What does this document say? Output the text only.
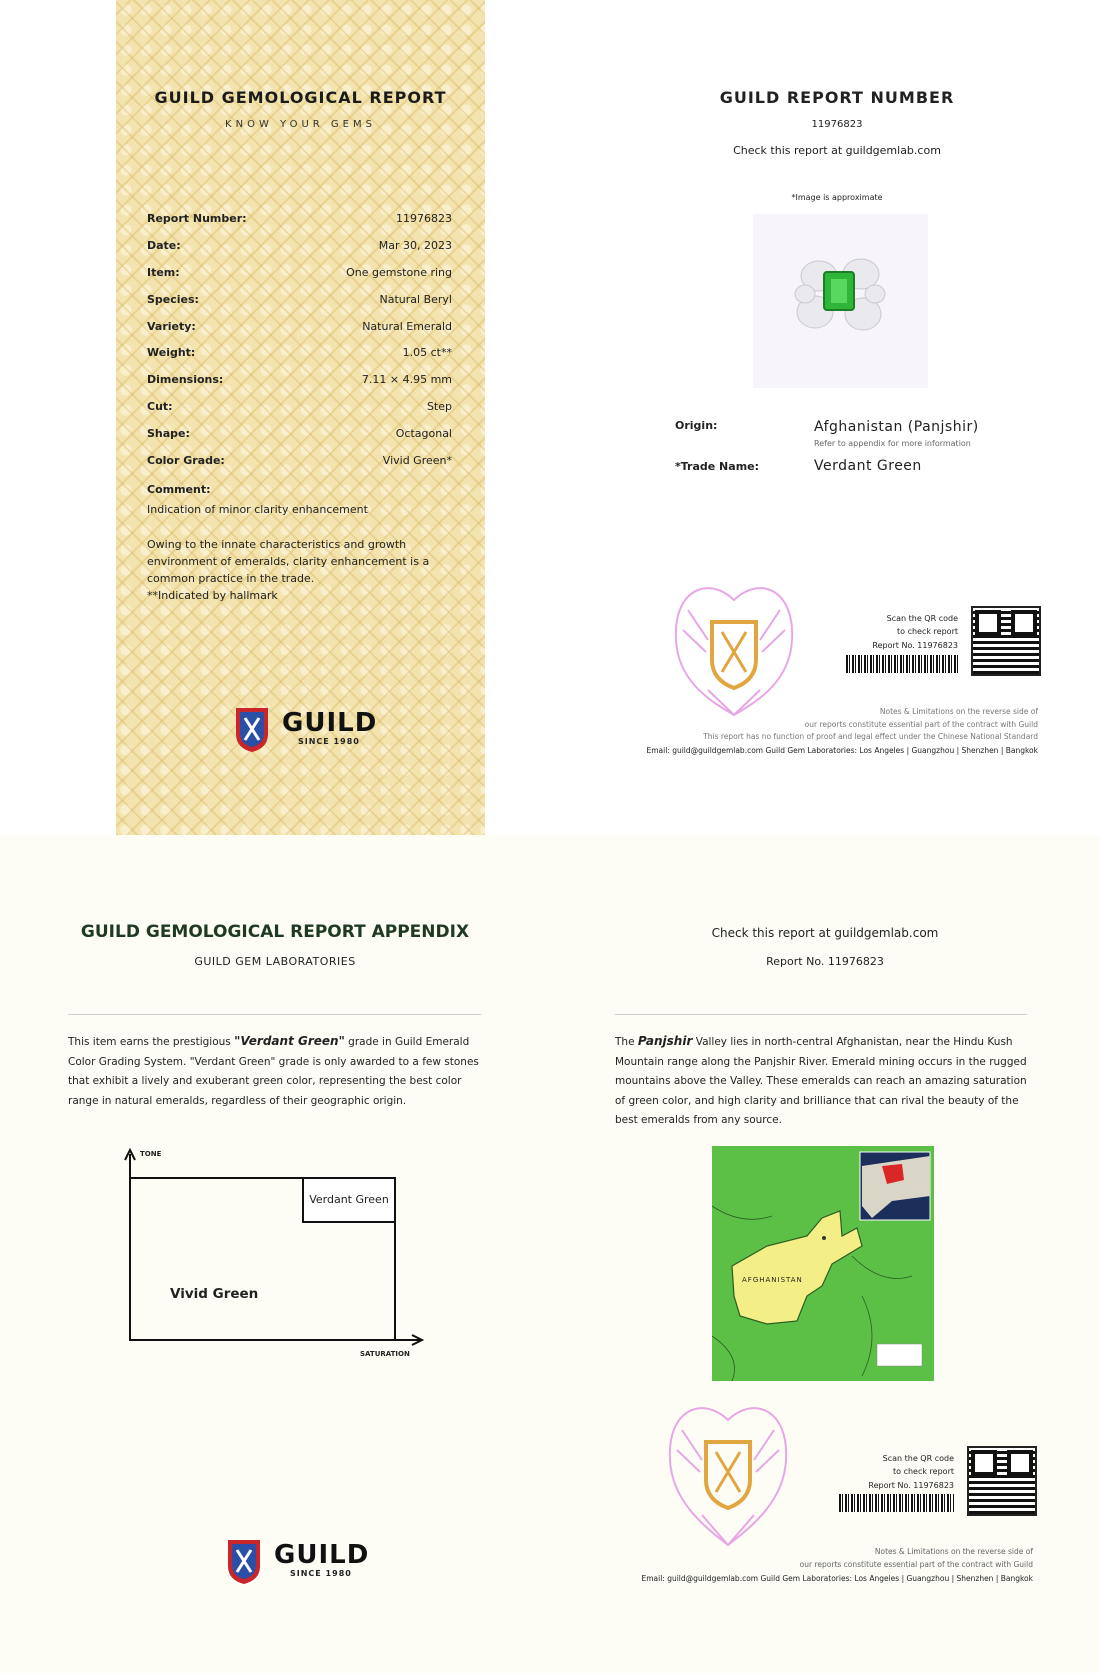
GUILD GEMOLOGICAL REPORT
KNOW YOUR GEMS
Report Number:	11976823
Date:	Mar 30, 2023
Item:	One gemstone ring
Species:	Natural Beryl
Variety:	Natural Emerald
Weight:	1.05 ct**
Dimensions:	7.11 × 4.95 mm
Cut:	Step
Shape:	Octagonal
Color Grade:	Vivid Green*
Comment:
Indication of minor clarity enhancement
Owing to the innate characteristics and growth
environment of emeralds, clarity enhancement is a
common practice in the trade.
**Indicated by hallmark
GUILD
SINCE 1980
GUILD REPORT NUMBER
11976823
Check this report at guildgemlab.com
*Image is approximate
Origin:	Afghanistan (Panjshir)
Refer to appendix for more information
*Trade Name:	Verdant Green
Scan the QR code
to check report
Report No. 11976823
Notes & Limitations on the reverse side of
our reports constitute essential part of the contract with Guild
This report has no function of proof and legal effect under the Chinese National Standard
Email: guild@guildgemlab.com Guild Gem Laboratories: Los Angeles | Guangzhou | Shenzhen | Bangkok
GUILD GEMOLOGICAL REPORT APPENDIX
GUILD GEM LABORATORIES
This item earns the prestigious "Verdant Green" grade in Guild Emerald
Color Grading System. "Verdant Green" grade is only awarded to a few stones
that exhibit a lively and exuberant green color, representing the best color
range in natural emeralds, regardless of their geographic origin.
TONE
SATURATION
Verdant Green
Vivid Green
GUILD
SINCE 1980
Check this report at guildgemlab.com
Report No. 11976823
The Panjshir Valley lies in north-central Afghanistan, near the Hindu Kush
Mountain range along the Panjshir River. Emerald mining occurs in the rugged
mountains above the Valley. These emeralds can reach an amazing saturation
of green color, and high clarity and brilliance that can rival the beauty of the
best emeralds from any source.
AFGHANISTAN
Scan the QR code
to check report
Report No. 11976823
Notes & Limitations on the reverse side of
our reports constitute essential part of the contract with Guild
Email: guild@guildgemlab.com Guild Gem Laboratories: Los Angeles | Guangzhou | Shenzhen | Bangkok
